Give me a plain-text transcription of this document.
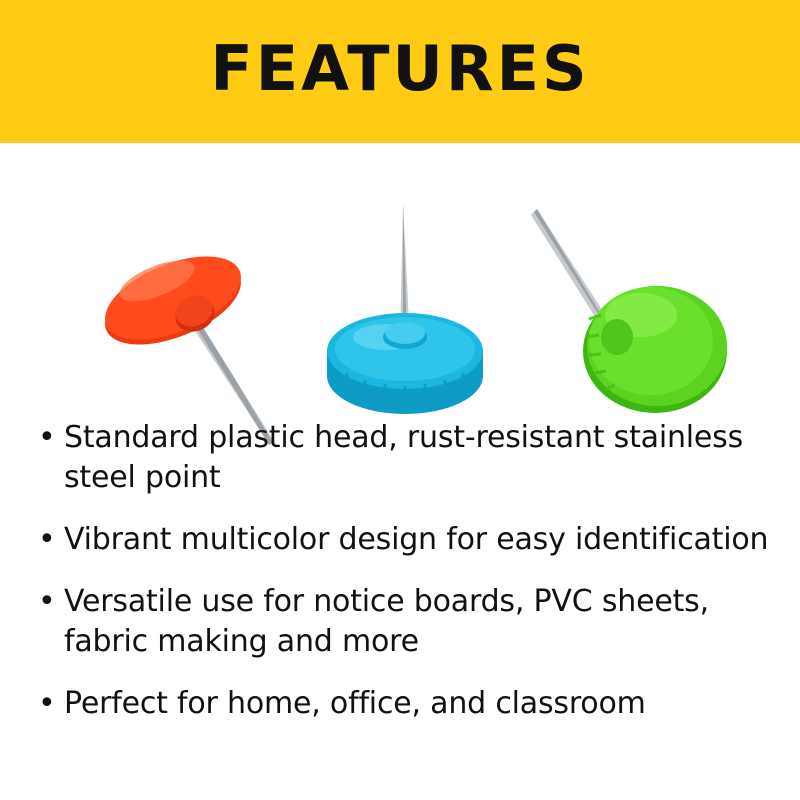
FEATURES
• Standard plastic head, rust-resistant stainless steel point
• Vibrant multicolor design for easy identification
• Versatile use for notice boards, PVC sheets, fabric making and more
• Perfect for home, office, and classroom
